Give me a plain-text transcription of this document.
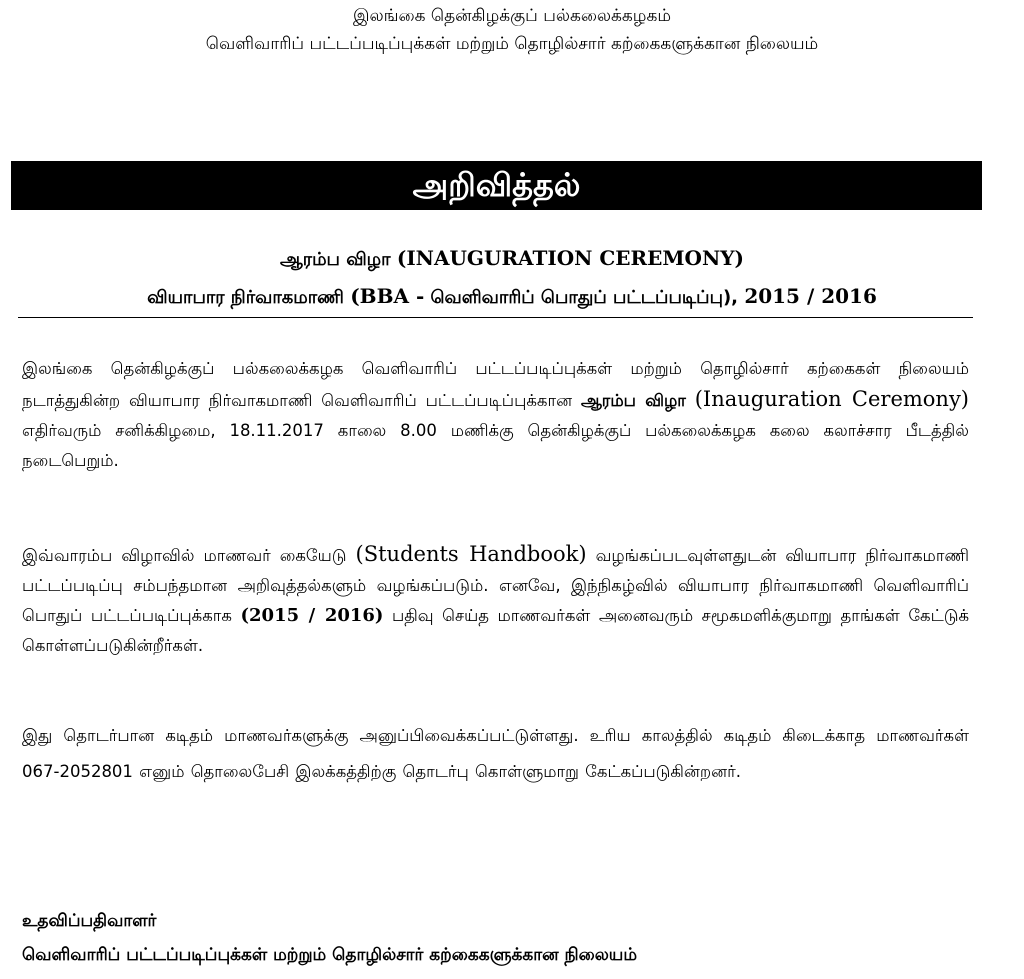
இலங்கை தென்கிழக்குப் பல்கலைக்கழகம்
வெளிவாரிப் பட்டப்படிப்புக்கள் மற்றும் தொழில்சார் கற்கைகளுக்கான நிலையம்
அறிவித்தல்
ஆரம்ப விழா (INAUGURATION CEREMONY)
வியாபார நிர்வாகமாணி (BBA - வெளிவாரிப் பொதுப் பட்டப்படிப்பு), 2015 / 2016
இலங்கை தென்கிழக்குப் பல்கலைக்கழக வெளிவாரிப் பட்டப்படிப்புக்கள் மற்றும் தொழில்சார் கற்கைகள் நிலையம் நடாத்துகின்ற வியாபார நிர்வாகமாணி வெளிவாரிப் பட்டப்படிப்புக்கான ஆரம்ப விழா (Inauguration Ceremony) எதிர்வரும் சனிக்கிழமை, 18.11.2017 காலை 8.00 மணிக்கு தென்கிழக்குப் பல்கலைக்கழக கலை கலாச்சார பீடத்தில் நடைபெறும்.
இவ்வாரம்ப விழாவில் மாணவர் கையேடு (Students Handbook) வழங்கப்படவுள்ளதுடன் வியாபார நிர்வாகமாணி பட்டப்படிப்பு சம்பந்தமான அறிவுத்தல்களும் வழங்கப்படும். எனவே, இந்நிகழ்வில் வியாபார நிர்வாகமாணி வெளிவாரிப் பொதுப் பட்டப்படிப்புக்காக (2015 / 2016) பதிவு செய்த மாணவர்கள் அனைவரும் சமூகமளிக்குமாறு தாங்கள் கேட்டுக் கொள்ளப்படுகின்றீர்கள்.
இது தொடர்பான கடிதம் மாணவர்களுக்கு அனுப்பிவைக்கப்பட்டுள்ளது. உரிய காலத்தில் கடிதம் கிடைக்காத மாணவர்கள் 067-2052801 எனும் தொலைபேசி இலக்கத்திற்கு தொடர்பு கொள்ளுமாறு கேட்கப்படுகின்றனர்.
உதவிப்பதிவாளர்
வெளிவாரிப் பட்டப்படிப்புக்கள் மற்றும் தொழில்சார் கற்கைகளுக்கான நிலையம்
